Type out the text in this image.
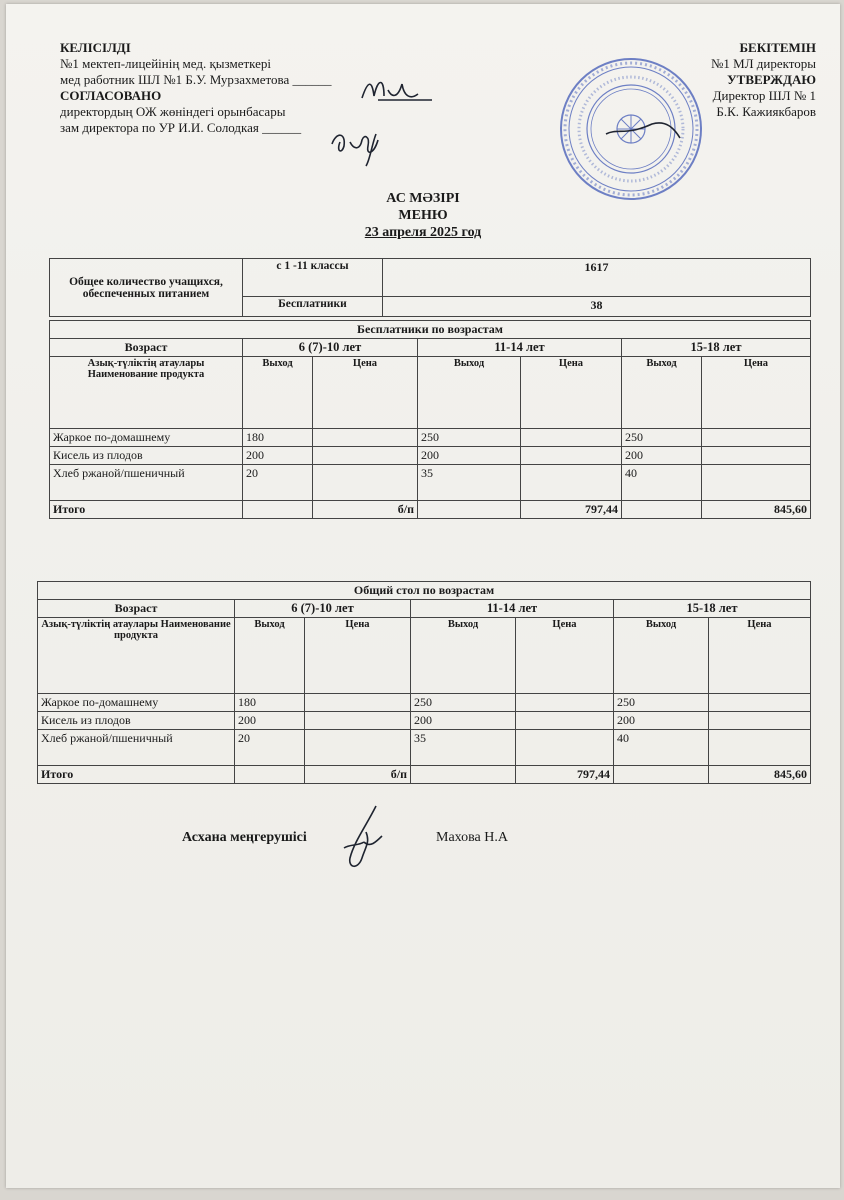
КЕЛІСІЛДІ
№1 мектеп-лицейінің мед. қызметкері
мед работник ШЛ №1 Б.У. Мурзахметова ______
СОГЛАСОВАНО
директордың ОЖ жөніндегі орынбасары
зам директора по УР И.И. Солодкая ______
БЕКІТЕМІН
№1 МЛ директоры
УТВЕРЖДАЮ
Директор ШЛ № 1
Б.К. Кажиякбаров
АС МӘЗІРІ
МЕНЮ
23 апреля 2025 год
Общее количество учащихся, обеспеченных питанием	с 1 -11 классы	1617
	Бесплатники	38
Бесплатники по возрастам						
Возраст	6 (7)-10 лет		11-14 лет		15-18 лет	
Азық-түліктің атаулары Наименование продукта	Выход	Цена	Выход	Цена	Выход	Цена
Жаркое по-домашнему	180		250		250	
Кисель из плодов	200		200		200	
Хлеб ржаной/пшеничный	20		35		40	
Итого		б/п		797,44		845,60
Общий стол по возрастам						
Возраст	6 (7)-10 лет		11-14 лет		15-18 лет	
Азық-түліктің атаулары Наименование продукта	Выход	Цена	Выход	Цена	Выход	Цена
Жаркое по-домашнему	180		250		250	
Кисель из плодов	200		200		200	
Хлеб ржаной/пшеничный	20		35		40	
Итого		б/п		797,44		845,60
Асхана меңгерушісі	Махова Н.А
